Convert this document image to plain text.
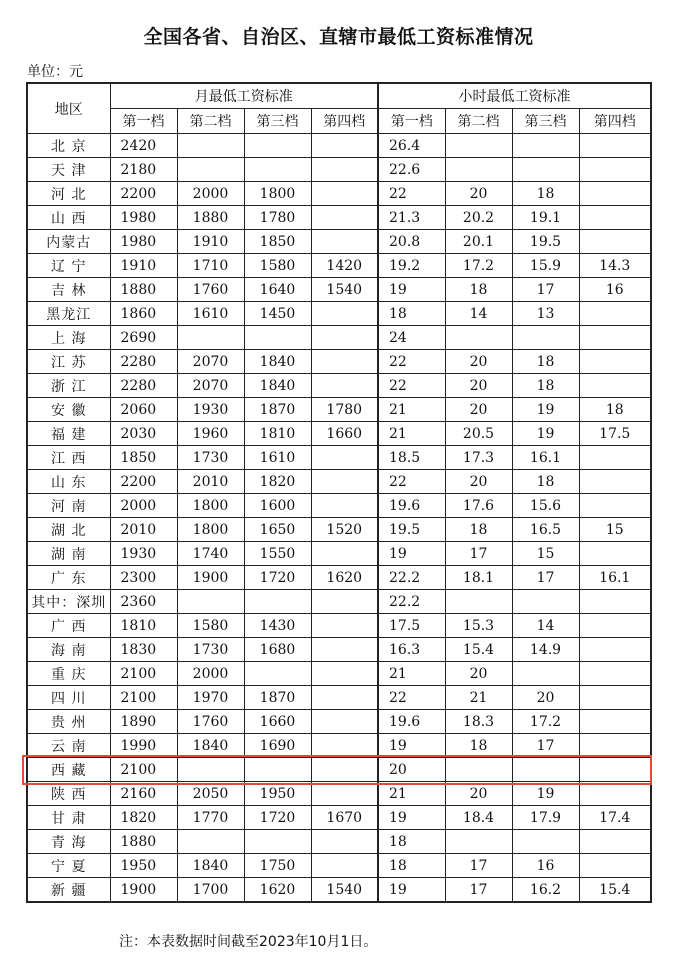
全国各省、自治区、直辖市最低工资标准情况
单位：元
地区	月最低工资标准				小时最低工资标准			
	第一档	第二档	第三档	第四档	第一档	第二档	第三档	第四档
北 京	2420				26.4			
天 津	2180				22.6			
河 北	2200	2000	1800		22	20	18	
山 西	1980	1880	1780		21.3	20.2	19.1	
内蒙古	1980	1910	1850		20.8	20.1	19.5	
辽 宁	1910	1710	1580	1420	19.2	17.2	15.9	14.3
吉 林	1880	1760	1640	1540	19	18	17	16
黑龙江	1860	1610	1450		18	14	13	
上 海	2690				24			
江 苏	2280	2070	1840		22	20	18	
浙 江	2280	2070	1840		22	20	18	
安 徽	2060	1930	1870	1780	21	20	19	18
福 建	2030	1960	1810	1660	21	20.5	19	17.5
江 西	1850	1730	1610		18.5	17.3	16.1	
山 东	2200	2010	1820		22	20	18	
河 南	2000	1800	1600		19.6	17.6	15.6	
湖 北	2010	1800	1650	1520	19.5	18	16.5	15
湖 南	1930	1740	1550		19	17	15	
广 东	2300	1900	1720	1620	22.2	18.1	17	16.1
其中：深圳	2360				22.2			
广 西	1810	1580	1430		17.5	15.3	14	
海 南	1830	1730	1680		16.3	15.4	14.9	
重 庆	2100	2000			21	20		
四 川	2100	1970	1870		22	21	20	
贵 州	1890	1760	1660		19.6	18.3	17.2	
云 南	1990	1840	1690		19	18	17	
西 藏	2100				20			
陕 西	2160	2050	1950		21	20	19	
甘 肃	1820	1770	1720	1670	19	18.4	17.9	17.4
青 海	1880				18			
宁 夏	1950	1840	1750		18	17	16	
新 疆	1900	1700	1620	1540	19	17	16.2	15.4
注：本表数据时间截至2023年10月1日。
